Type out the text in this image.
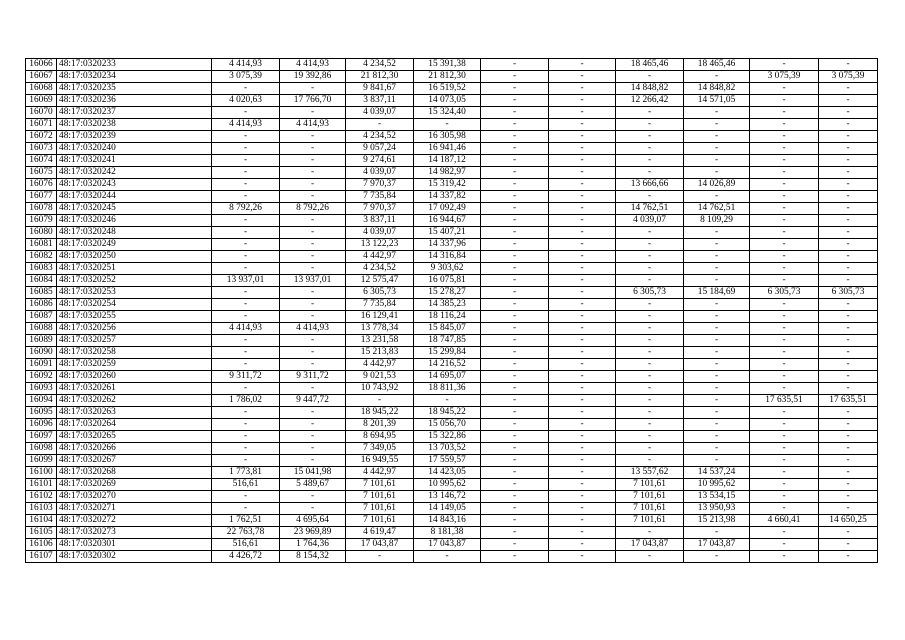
16066	48:17:0320233	4 414,93	4 414,93	4 234,52	15 391,38	-	-	18 465,46	18 465,46	-	-
16067	48:17:0320234	3 075,39	19 392,86	21 812,30	21 812,30	-	-	-	-	3 075,39	3 075,39
16068	48:17:0320235	-	-	9 841,67	16 519,52	-	-	14 848,82	14 848,82	-	-
16069	48:17:0320236	4 020,63	17 766,70	3 837,11	14 073,05	-	-	12 266,42	14 571,05	-	-
16070	48:17:0320237	-	-	4 039,07	15 324,40	-	-	-	-	-	-
16071	48:17:0320238	4 414,93	4 414,93	-	-	-	-	-	-	-	-
16072	48:17:0320239	-	-	4 234,52	16 305,98	-	-	-	-	-	-
16073	48:17:0320240	-	-	9 057,24	16 941,46	-	-	-	-	-	-
16074	48:17:0320241	-	-	9 274,61	14 187,12	-	-	-	-	-	-
16075	48:17:0320242	-	-	4 039,07	14 982,97	-	-	-	-	-	-
16076	48:17:0320243	-	-	7 970,37	15 319,42	-	-	13 666,66	14 026,89	-	-
16077	48:17:0320244	-	-	7 735,84	14 337,82	-	-	-	-	-	-
16078	48:17:0320245	8 792,26	8 792,26	7 970,37	17 092,49	-	-	14 762,51	14 762,51	-	-
16079	48:17:0320246	-	-	3 837,11	16 944,67	-	-	4 039,07	8 109,29	-	-
16080	48:17:0320248	-	-	4 039,07	15 407,21	-	-	-	-	-	-
16081	48:17:0320249	-	-	13 122,23	14 337,96	-	-	-	-	-	-
16082	48:17:0320250	-	-	4 442,97	14 316,84	-	-	-	-	-	-
16083	48:17:0320251	-	-	4 234,52	9 303,62	-	-	-	-	-	-
16084	48:17:0320252	13 937,01	13 937,01	12 575,47	16 075,81	-	-	-	-	-	-
16085	48:17:0320253	-	-	6 305,73	15 278,27	-	-	6 305,73	15 184,69	6 305,73	6 305,73
16086	48:17:0320254	-	-	7 735,84	14 385,23	-	-	-	-	-	-
16087	48:17:0320255	-	-	16 129,41	18 116,24	-	-	-	-	-	-
16088	48:17:0320256	4 414,93	4 414,93	13 778,34	15 845,07	-	-	-	-	-	-
16089	48:17:0320257	-	-	13 231,58	18 747,85	-	-	-	-	-	-
16090	48:17:0320258	-	-	15 213,83	15 299,84	-	-	-	-	-	-
16091	48:17:0320259	-	-	4 442,97	14 216,52	-	-	-	-	-	-
16092	48:17:0320260	9 311,72	9 311,72	9 021,53	14 695,07	-	-	-	-	-	-
16093	48:17:0320261	-	-	10 743,92	18 811,36	-	-	-	-	-	-
16094	48:17:0320262	1 786,02	9 447,72	-	-	-	-	-	-	17 635,51	17 635,51
16095	48:17:0320263	-	-	18 945,22	18 945,22	-	-	-	-	-	-
16096	48:17:0320264	-	-	8 201,39	15 056,70	-	-	-	-	-	-
16097	48:17:0320265	-	-	8 694,95	15 322,86	-	-	-	-	-	-
16098	48:17:0320266	-	-	7 349,05	13 703,52	-	-	-	-	-	-
16099	48:17:0320267	-	-	16 949,55	17 559,57	-	-	-	-	-	-
16100	48:17:0320268	1 773,81	15 041,98	4 442,97	14 423,05	-	-	13 557,62	14 537,24	-	-
16101	48:17:0320269	516,61	5 489,67	7 101,61	10 995,62	-	-	7 101,61	10 995,62	-	-
16102	48:17:0320270	-	-	7 101,61	13 146,72	-	-	7 101,61	13 534,15	-	-
16103	48:17:0320271	-	-	7 101,61	14 149,05	-	-	7 101,61	13 950,93	-	-
16104	48:17:0320272	1 762,51	4 695,64	7 101,61	14 843,16	-	-	7 101,61	15 213,98	4 660,41	14 650,25
16105	48:17:0320273	22 763,78	23 969,89	4 619,47	8 181,38	-	-	-	-	-	-
16106	48:17:0320301	516,61	1 764,36	17 043,87	17 043,87	-	-	17 043,87	17 043,87	-	-
16107	48:17:0320302	4 426,72	8 154,32	-	-	-	-	-	-	-	-
